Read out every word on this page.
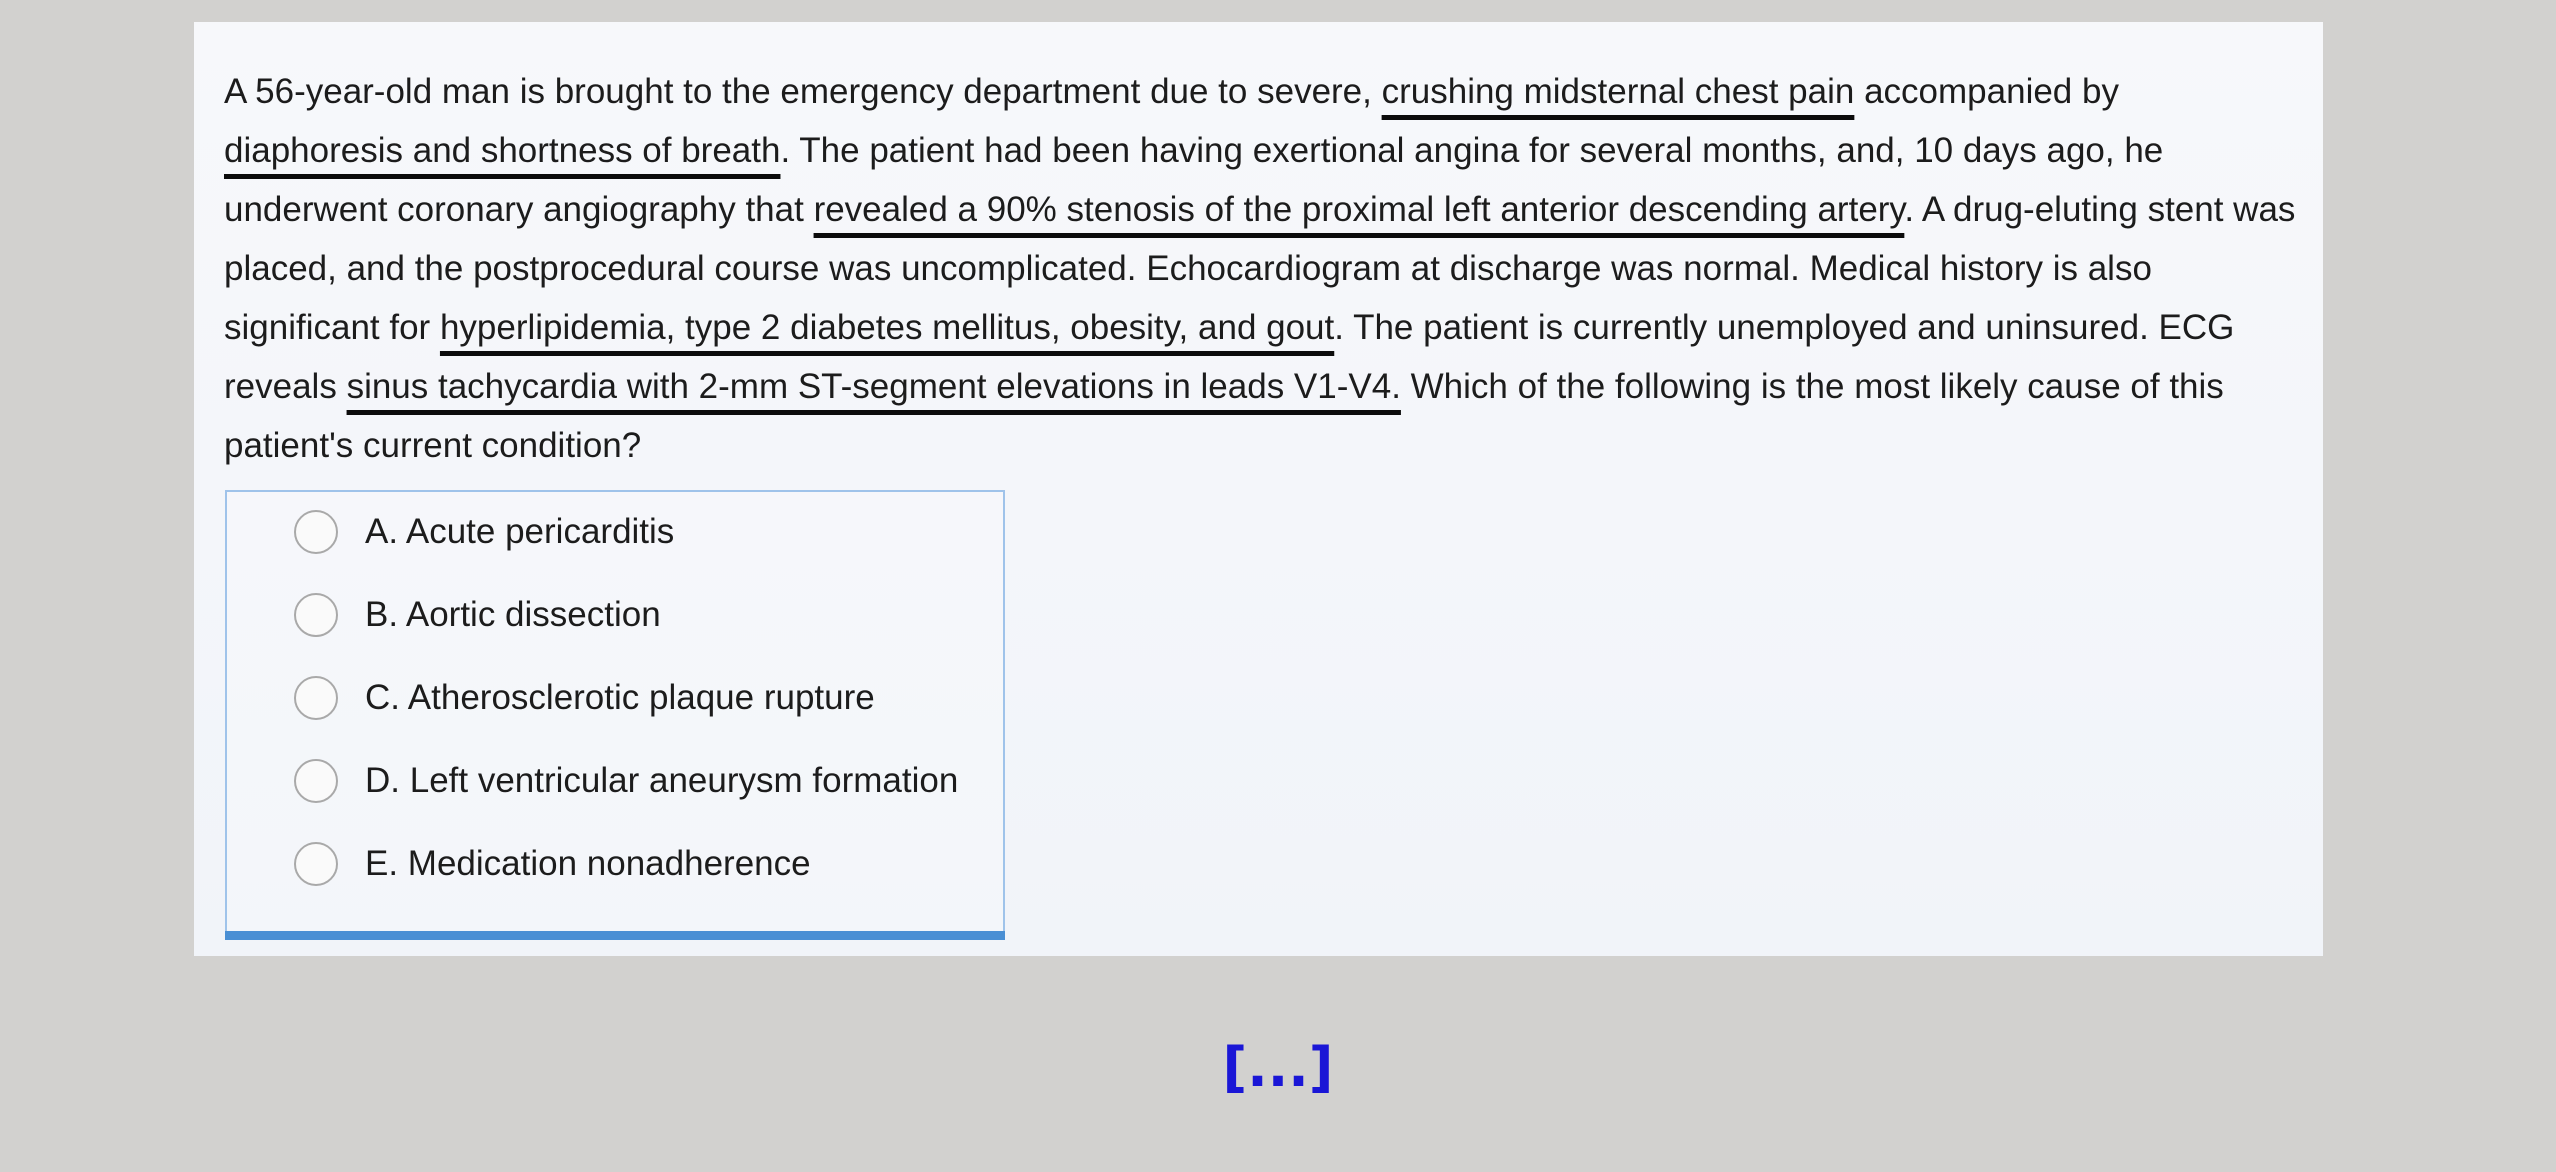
A 56-year-old man is brought to the emergency department due to severe, crushing midsternal chest pain accompanied by diaphoresis and shortness of breath. The patient had been having exertional angina for several months, and, 10 days ago, he underwent coronary angiography that revealed a 90% stenosis of the proximal left anterior descending artery. A drug-eluting stent was placed, and the postprocedural course was uncomplicated. Echocardiogram at discharge was normal. Medical history is also significant for hyperlipidemia, type 2 diabetes mellitus, obesity, and gout. The patient is currently unemployed and uninsured. ECG reveals sinus tachycardia with 2-mm ST-segment elevations in leads V1-V4. Which of the following is the most likely cause of this patient's current condition?

A. Acute pericarditis
B. Aortic dissection
C. Atherosclerotic plaque rupture
D. Left ventricular aneurysm formation
E. Medication nonadherence
[...]
